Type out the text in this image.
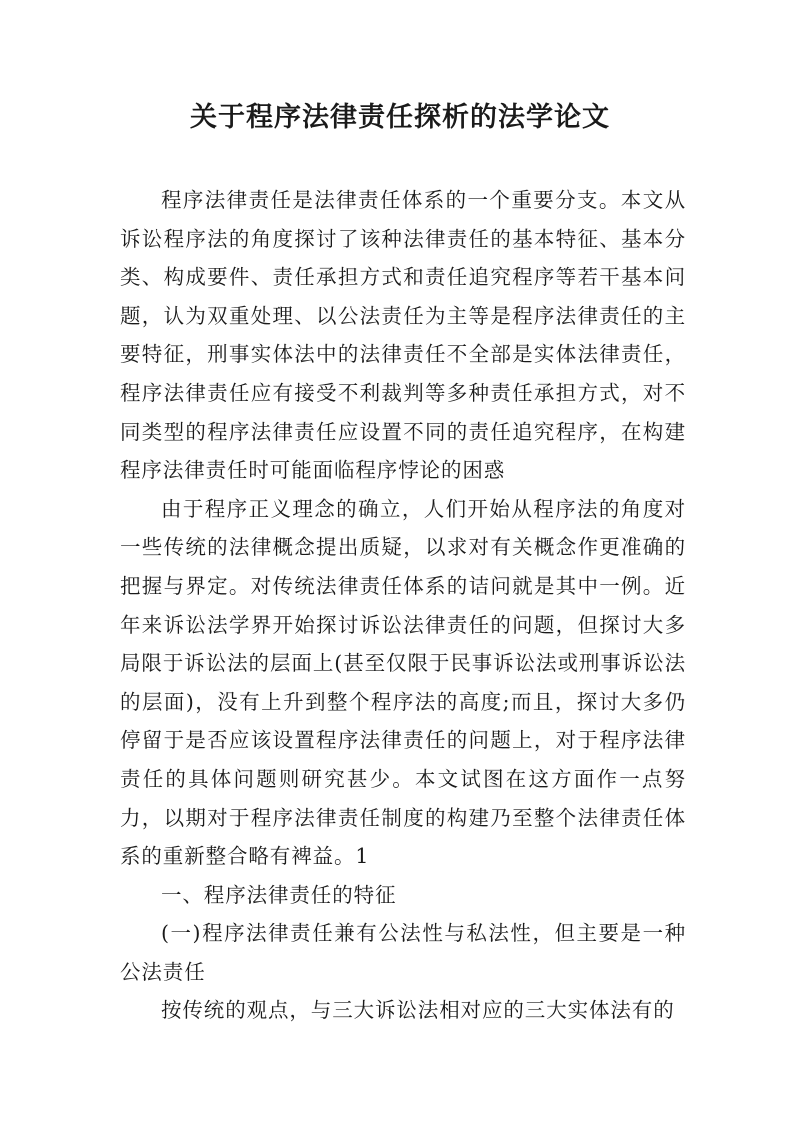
关于程序法律责任探析的法学论文

程序法律责任是法律责任体系的一个重要分支。本文从诉讼程序法的角度探讨了该种法律责任的基本特征、基本分类、构成要件、责任承担方式和责任追究程序等若干基本问题，认为双重处理、以公法责任为主等是程序法律责任的主要特征，刑事实体法中的法律责任不全部是实体法律责任，程序法律责任应有接受不利裁判等多种责任承担方式，对不同类型的程序法律责任应设置不同的责任追究程序，在构建程序法律责任时可能面临程序悖论的困惑

由于程序正义理念的确立，人们开始从程序法的角度对一些传统的法律概念提出质疑，以求对有关概念作更准确的把握与界定。对传统法律责任体系的诘问就是其中一例。近年来诉讼法学界开始探讨诉讼法律责任的问题，但探讨大多局限于诉讼法的层面上(甚至仅限于民事诉讼法或刑事诉讼法的层面)，没有上升到整个程序法的高度;而且，探讨大多仍停留于是否应该设置程序法律责任的问题上，对于程序法律责任的具体问题则研究甚少。本文试图在这方面作一点努力，以期对于程序法律责任制度的构建乃至整个法律责任体系的重新整合略有裨益。1

一、程序法律责任的特征

(一)程序法律责任兼有公法性与私法性，但主要是一种公法责任

按传统的观点，与三大诉讼法相对应的三大实体法有的
